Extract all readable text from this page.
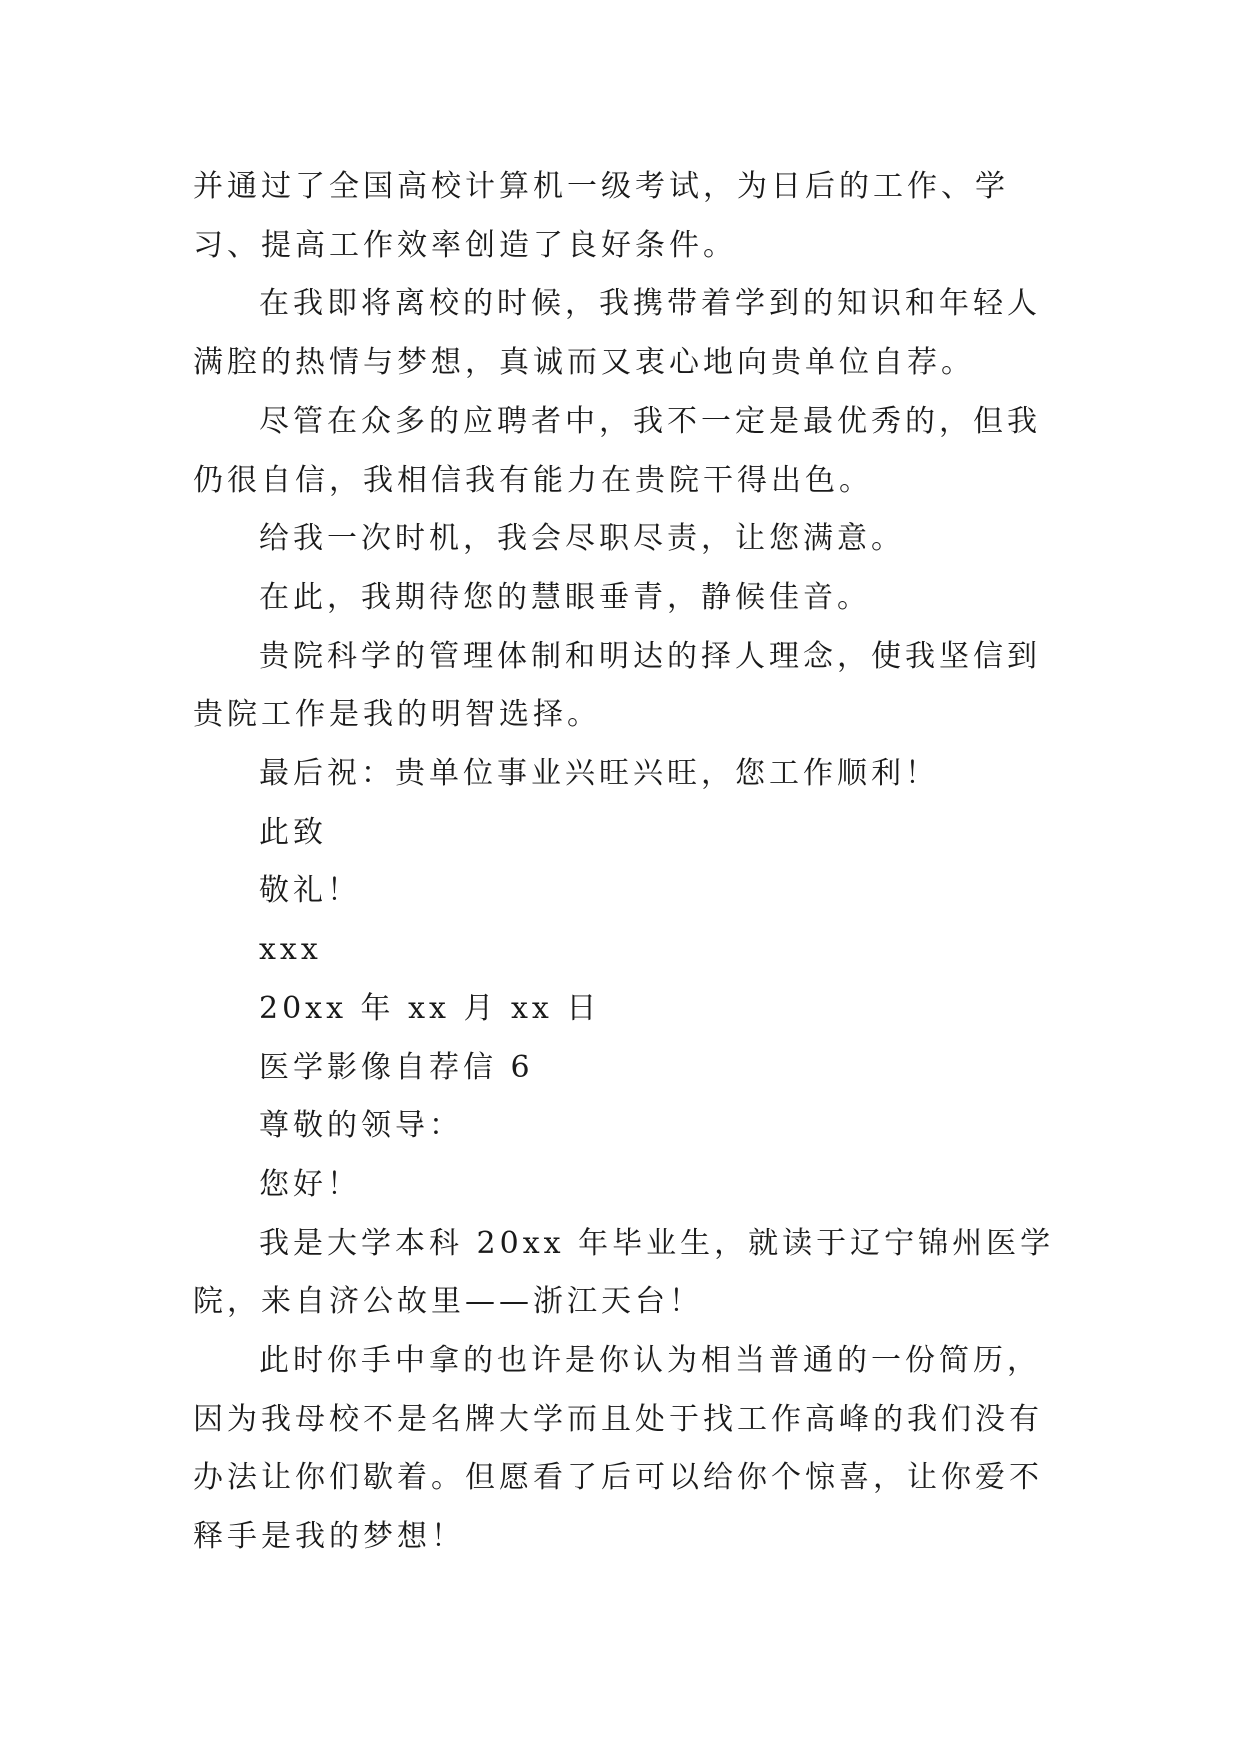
并通过了全国高校计算机一级考试，为日后的工作、学习、提高工作效率创造了良好条件。

在我即将离校的时候，我携带着学到的知识和年轻人满腔的热情与梦想，真诚而又衷心地向贵单位自荐。

尽管在众多的应聘者中，我不一定是最优秀的，但我仍很自信，我相信我有能力在贵院干得出色。

给我一次时机，我会尽职尽责，让您满意。

在此，我期待您的慧眼垂青，静候佳音。

贵院科学的管理体制和明达的择人理念，使我坚信到贵院工作是我的明智选择。

最后祝：贵单位事业兴旺兴旺，您工作顺利！

此致

敬礼！

xxx

20xx 年 xx 月 xx 日

医学影像自荐信 6

尊敬的领导：

您好！

我是大学本科 20xx 年毕业生，就读于辽宁锦州医学院，来自济公故里——浙江天台！

此时你手中拿的也许是你认为相当普通的一份简历，因为我母校不是名牌大学而且处于找工作高峰的我们没有办法让你们歇着。但愿看了后可以给你个惊喜，让你爱不释手是我的梦想！
